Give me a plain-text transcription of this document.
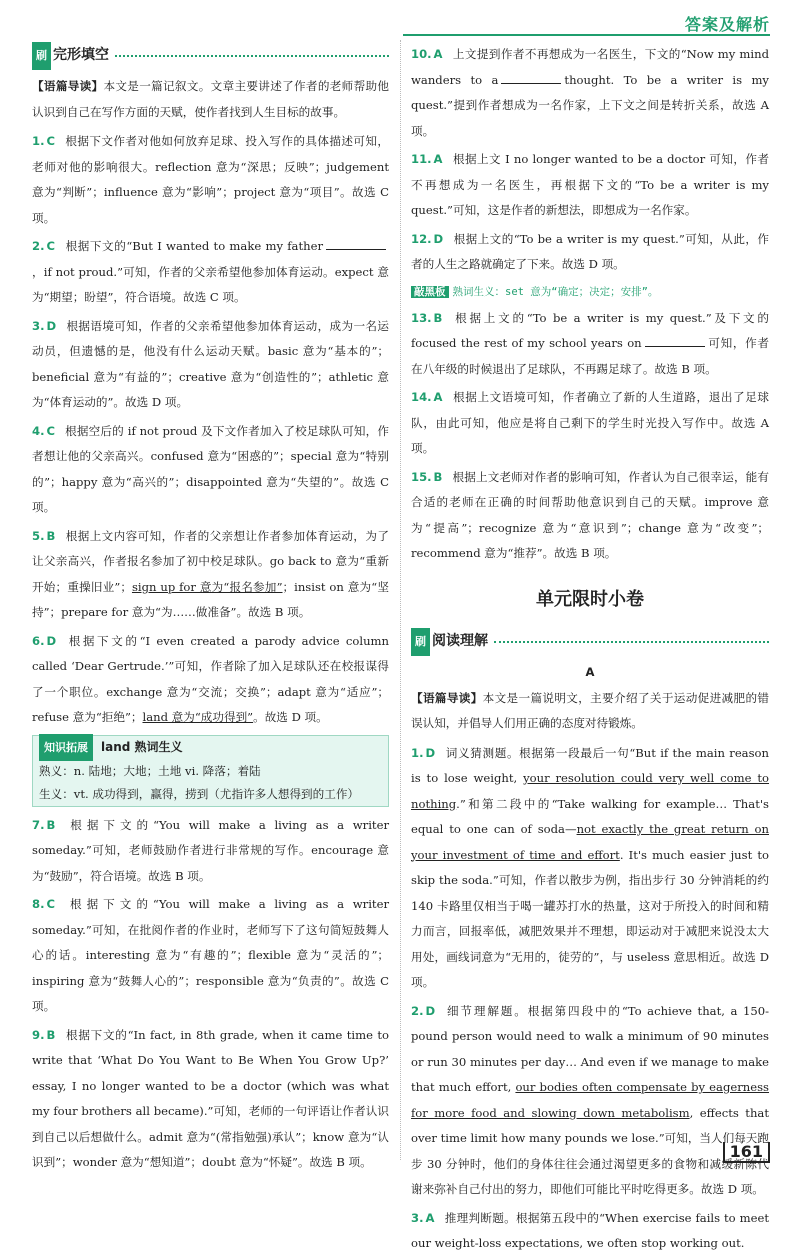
答案及解析
刷 完形填空

【语篇导读】本文是一篇记叙文。文章主要讲述了作者的老师帮助他认识到自己在写作方面的天赋，使作者找到人生目标的故事。

1. C 根据下文作者对他如何放弃足球、投入写作的具体描述可知，老师对他的影响很大。reflection 意为“深思；反映”；judgement 意为“判断”；influence 意为“影响”；project 意为“项目”。故选 C 项。

2. C 根据下文的“But I wanted to make my father，if not proud.”可知，作者的父亲希望他参加体育运动。expect 意为“期望；盼望”，符合语境。故选 C 项。

3. D 根据语境可知，作者的父亲希望他参加体育运动，成为一名运动员，但遗憾的是，他没有什么运动天赋。basic 意为“基本的”；beneficial 意为“有益的”；creative 意为“创造性的”；athletic 意为“体育运动的”。故选 D 项。

4. C 根据空后的 if not proud 及下文作者加入了校足球队可知，作者想让他的父亲高兴。confused 意为“困惑的”；special 意为“特别的”；happy 意为“高兴的”；disappointed 意为“失望的”。故选 C 项。

5. B 根据上文内容可知，作者的父亲想让作者参加体育运动，为了让父亲高兴，作者报名参加了初中校足球队。go back to 意为“重新开始；重操旧业”；sign up for 意为“报名参加”；insist on 意为“坚持”；prepare for 意为“为……做准备”。故选 B 项。

6. D 根据下文的“I even created a parody advice column called ‘Dear Gertrude.’”可知，作者除了加入足球队还在校报谋得了一个职位。exchange 意为“交流；交换”；adapt 意为“适应”；refuse 意为“拒绝”；land 意为“成功得到”。故选 D 项。

知识拓展	land 熟词生义
熟义：n. 陆地；大地；土地 vi. 降落；着陆
生义：vt. 成功得到，赢得，捞到（尤指许多人想得到的工作）

7. B 根据下文的“You will make a living as a writer someday.”可知，老师鼓励作者进行非常规的写作。encourage 意为“鼓励”，符合语境。故选 B 项。

8. C 根据下文的“You will make a living as a writer someday.”可知，在批阅作者的作业时，老师写下了这句简短鼓舞人心的话。interesting 意为“有趣的”；flexible 意为“灵活的”；inspiring 意为“鼓舞人心的”；responsible 意为“负责的”。故选 C 项。

9. B 根据下文的“In fact, in 8th grade, when it came time to write that ‘What Do You Want to Be When You Grow Up?’ essay, I no longer wanted to be a doctor (which was what my four brothers all became).”可知，老师的一句评语让作者认识到自己以后想做什么。admit 意为“(常指勉强)承认”；know 意为“认识到”；wonder 意为“想知道”；doubt 意为“怀疑”。故选 B 项。

10. A 上文提到作者不再想成为一名医生，下文的“Now my mind wanders to a	thought. To be a writer is my quest.”提到作者想成为一名作家，上下文之间是转折关系，故选 A 项。

11. A 根据上文 I no longer wanted to be a doctor 可知，作者不再想成为一名医生，再根据下文的“To be a writer is my quest.”可知，这是作者的新想法，即想成为一名作家。

12. D 根据上文的“To be a writer is my quest.”可知，从此，作者的人生之路就确定了下来。故选 D 项。

敲黑板 熟词生义：set 意为“确定；决定；安排”。

13. B 根据上文的“To be a writer is my quest.”及下文的 focused the rest of my school years on	可知，作者在八年级的时候退出了足球队，不再踢足球了。故选 B 项。

14. A 根据上文语境可知，作者确立了新的人生道路，退出了足球队，由此可知，他应是将自己剩下的学生时光投入写作中。故选 A 项。

15. B 根据上文老师对作者的影响可知，作者认为自己很幸运，能有合适的老师在正确的时间帮助他意识到自己的天赋。improve 意为“提高”；recognize 意为“意识到”；change 意为“改变”；recommend 意为“推荐”。故选 B 项。

单元限时小卷
刷 阅读理解
A

【语篇导读】本文是一篇说明文，主要介绍了关于运动促进减肥的错误认知，并倡导人们用正确的态度对待锻炼。

1. D 词义猜测题。根据第一段最后一句“But if the main reason is to lose weight, your resolution could very well come to nothing.”和第二段中的“Take walking for example… That's equal to one can of soda—not exactly the great return on your investment of time and effort. It's much easier just to skip the soda.”可知，作者以散步为例，指出步行 30 分钟消耗的约 140 卡路里仅相当于喝一罐苏打水的热量，这对于所投入的时间和精力而言，回报率低，减肥效果并不理想，即运动对于减肥来说没太大用处，画线词意为“无用的，徒劳的”，与 useless 意思相近。故选 D 项。

2. D 细节理解题。根据第四段中的“To achieve that, a 150-pound person would need to walk a minimum of 90 minutes or run 30 minutes per day… And even if we manage to make that much effort, our bodies often compensate by eagerness for more food and slowing down metabolism, effects that over time limit how many pounds we lose.”可知，当人们每天跑步 30 分钟时，他们的身体往往会通过渴望更多的食物和减缓新陈代谢来弥补自己付出的努力，即他们可能比平时吃得更多。故选 D 项。

3. A 推理判断题。根据第五段中的“When exercise fails to meet our weight-loss expectations, we often stop working out.

161
